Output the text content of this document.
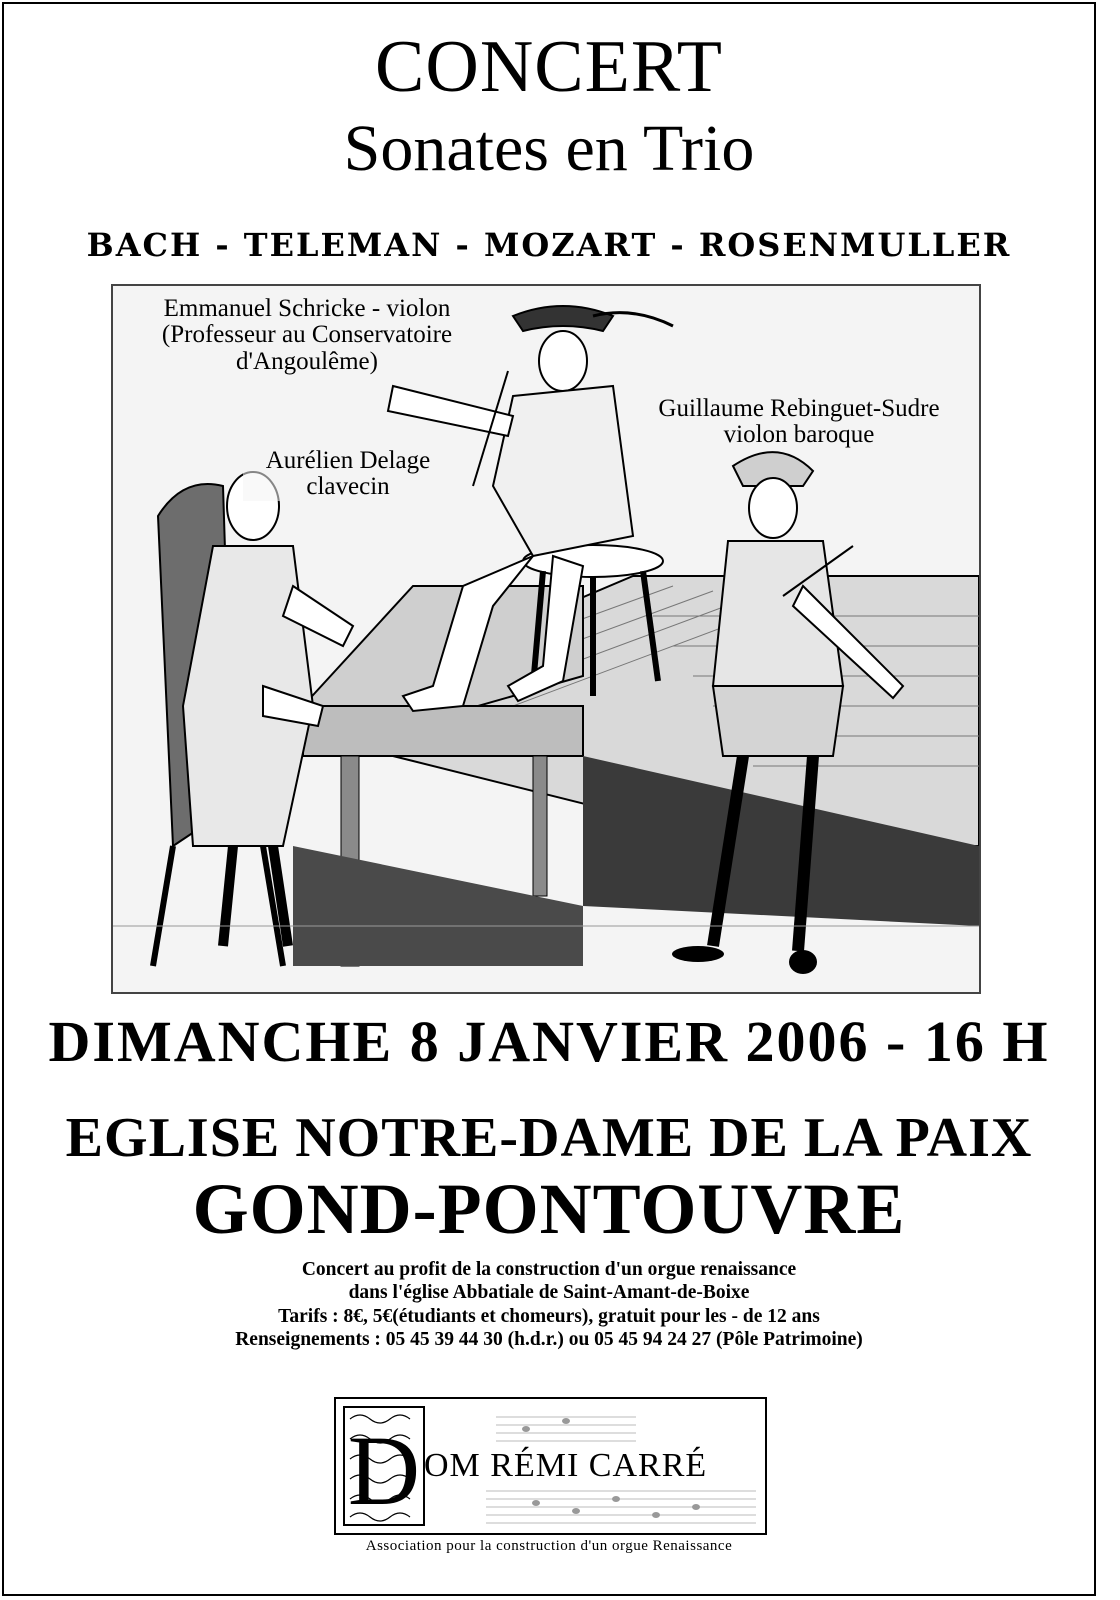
CONCERT
Sonates en Trio
BACH - TELEMAN - MOZART - ROSENMULLER
Emmanuel Schricke - violon
(Professeur au Conservatoire
d'Angoulême)
Guillaume Rebinguet-Sudre
violon baroque
Aurélien Delage
clavecin
DIMANCHE 8 JANVIER 2006 - 16 H
EGLISE NOTRE-DAME DE LA PAIX
GOND-PONTOUVRE
Concert au profit de la construction d'un orgue renaissance
dans l'église Abbatiale de Saint-Amant-de-Boixe
Tarifs : 8€, 5€(étudiants et chomeurs), gratuit pour les - de 12 ans
Renseignements : 05 45 39 44 30 (h.d.r.) ou 05 45 94 24 27 (Pôle Patrimoine)
D OM RÉMI CARRÉ
Association pour la construction d'un orgue Renaissance
